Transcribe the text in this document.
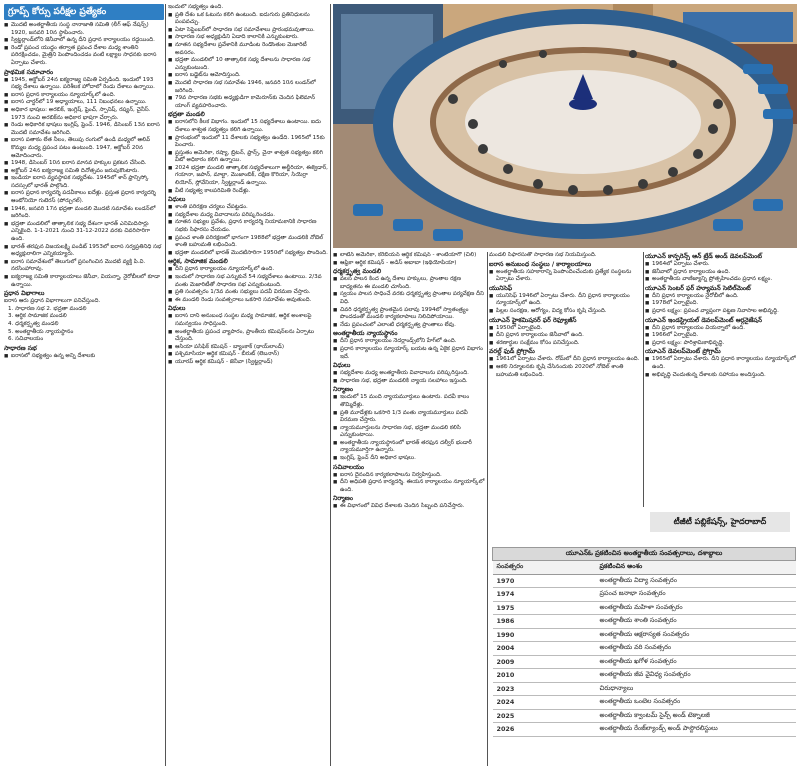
గ్రూప్స్ కోర్సు పరీక్షల ప్రత్యేకం
■ మొదటి అంతర్జాతీయ సంస్థ నానాజాతి సమితి (లీగ్ ఆఫ్ నేషన్స్) 1920, జనవరి 10న స్థాపించారు.
■ స్విట్జర్లాండ్‌లోని జెనీవాలో ఉన్న దీని ప్రధాన కార్యాలయం రద్దయింది.
■ రెండో ప్రపంచ యుద్ధం తర్వాత ప్రపంచ దేశాల మధ్య శాంతిని పరిరక్షించడం, మైత్రిని పెంపొందించడం వంటి లక్ష్యాల సాధనకు ఐరాస ఏర్పాటు చేశారు.
ప్రాథమిక సమాచారం
■ 1945, అక్టోబర్ 24న ఐక్యరాజ్య సమితి ఏర్పడింది. ఇందులో 193 సభ్య దేశాలు ఉన్నాయి. పరిశీలక హోదాలో రెండు దేశాలు ఉన్నాయి.
■ ఐరాస ప్రధాన కార్యాలయం న్యూయార్క్‌లో ఉంది.
■ ఐరాస చార్టర్‌లో 19 అధ్యాయాలు, 111 నిబంధనలు ఉన్నాయి.
■ అధికార భాషలు: అరబిక్, ఇంగ్లిష్, ఫ్రెంచ్, స్పానిష్, రష్యన్, చైనీస్. 1973 నుంచి అరబిక్‌ను అధికార భాషగా చేర్చారు.
■ రెండు అధికారిక భాషలు ఇంగ్లిష్, ఫ్రెంచ్. 1946, డిసెంబర్ 13న ఐరాస మొదటి సమావేశం జరిగింది.
■ ఐరాస పతాకం లేత నీలం, తెలుపు రంగులో ఉండి మధ్యలో ఆలివ్ కొమ్మల మధ్య ప్రపంచ పటం ఉంటుంది. 1947, అక్టోబర్ 20న ఆమోదించారు.
■ 1948, డిసెంబర్ 10న ఐరాస మానవ హక్కుల ప్రకటన చేసింది.
■ అక్టోబర్ 24న ఐక్యరాజ్య సమితి దినోత్సవం జరుపుకొంటారు.
■ ఇండియా ఐరాస వ్యవస్థాపక సభ్యదేశం. 1945లో శాన్ ఫ్రాన్సిస్కో సదస్సులో భారత్ పాల్గొంది.
■ ఐరాస ప్రధాన కార్యదర్శి పదవీకాలం ఐదేళ్లు. ప్రస్తుత ప్రధాన కార్యదర్శి ఆంటోనియో గుటెరస్ (పోర్చుగల్).
■ 1946, జనవరి 17న భద్రతా మండలి మొదటి సమావేశం లండన్‌లో జరిగింది.
■ భద్రతా మండలిలో తాత్కాలిక సభ్య దేశంగా భారత్ ఎనిమిదిసార్లు ఎన్నికైంది. 1-1-2021 నుంచి 31-12-2022 వరకు చివరిసారిగా ఉంది.
■ భారత్ తరఫున విజయలక్ష్మి పండిట్ 1953లో ఐరాస సర్వప్రతినిధి సభ అధ్యక్షురాలిగా ఎన్నికయ్యారు.
■ ఐరాస సమావేశంలో తెలుగులో ప్రసంగించిన మొదటి వ్యక్తి పి.వి. నరసింహారావు.
■ ఐక్యరాజ్య సమితి కార్యాలయాలు జెనీవా, వియన్నా, నైరోబీలలో కూడా ఉన్నాయి.
ప్రధాన విభాగాలు
ఐరాస ఆరు ప్రధాన విభాగాలుగా పనిచేస్తుంది.
1. సాధారణ సభ 2. భద్రతా మండలి
3. ఆర్థిక సామాజిక మండలి
4. ధర్మకర్తృత్వ మండలి
5. అంతర్జాతీయ న్యాయస్థానం
6. సచివాలయం
సాధారణ సభ
■ ఐరాసలో సభ్యత్వం ఉన్న అన్ని దేశాలకు
ఇందులో సభ్యత్వం ఉంది.
■ ప్రతి దేశం ఒక ఓటును కలిగి ఉంటుంది. ఐదుగురు ప్రతినిధులను పంపవచ్చు.
■ ఏటా సెప్టెంబర్‌లో సాధారణ సభ సమావేశాలు ప్రారంభమవుతాయి.
■ సాధారణ సభ అధ్యక్షుడిని ఏడాది కాలానికి ఎన్నుకుంటారు.
■ నూతన సభ్యదేశాల ప్రవేశానికి మూడింట రెండొంతుల మెజారిటీ అవసరం.
■ భద్రతా మండలిలో 10 తాత్కాలిక సభ్య దేశాలను సాధారణ సభ ఎన్నుకుంటుంది.
■ ఐరాస బడ్జెట్‌ను ఆమోదిస్తుంది.
■ మొదటి సాధారణ సభ సమావేశం 1946, జనవరి 10న లండన్‌లో జరిగింది.
■ 79వ సాధారణ సభకు అధ్యక్షుడిగా కామెరూన్‌కు చెందిన ఫిలెమాన్ యాంగ్ వ్యవహరించారు.
భద్రతా మండలి
■ ఐరాసలోని కీలక విభాగం. ఇందులో 15 సభ్యదేశాలు ఉంటాయి. ఐదు దేశాలు శాశ్వత సభ్యత్వం కలిగి ఉన్నాయి.
■ ప్రారంభంలో ఇందులో 11 దేశాలకు సభ్యత్వం ఉండేది. 1965లో 15కు పెంచారు.
■ ప్రస్తుతం అమెరికా, రష్యా, బ్రిటన్, ఫ్రాన్స్, చైనా శాశ్వత సభ్యత్వం కలిగి వీటో అధికారం కలిగి ఉన్నాయి.
■ 2024 భద్రతా మండలి తాత్కాలిక సభ్యదేశాలుగా అల్జీరియా, ఈక్వెడార్, గయానా, జపాన్, మాల్టా, మొజాంబిక్, దక్షిణ కొరియా, సియెర్రా లియోన్, స్లోవేనియా, స్విట్జర్లాండ్ ఉన్నాయి.
■ వీటి సభ్యత్వ కాలపరిమితి రెండేళ్లు.
విధులు
■ శాంతి పరిరక్షణ చర్యలు చేపట్టడం.
■ సభ్యదేశాల మధ్య వివాదాలను పరిష్కరించడం.
■ నూతన సభ్యుల ప్రవేశం, ప్రధాన కార్యదర్శి నియామకానికి సాధారణ సభకు సిఫారసు చేయడం.
■ ప్రపంచ శాంతి పరిరక్షణలో భాగంగా 1988లో భద్రతా మండలికి నోబెల్ శాంతి బహుమతి లభించింది.
■ భద్రతా మండలిలో భారత్ మొదటిసారిగా 1950లో సభ్యత్వం పొందింది.
ఆర్థిక, సామాజిక మండలి
■ దీని ప్రధాన కార్యాలయం న్యూయార్క్‌లో ఉంది.
■ ఇందులో సాధారణ సభ ఎన్నుకునే 54 సభ్యదేశాలు ఉంటాయి. 2/3వ వంతు మెజారిటీతో సాధారణ సభ ఎన్నుకుంటుంది.
■ ప్రతి సంవత్సరం 1/3వ వంతు సభ్యులు పదవీ విరమణ చేస్తారు.
■ ఈ మండలి రెండు సంవత్సరాలు ఒకసారి సమావేశం అవుతుంది.
విధులు
■ ఐరాస దాని అనుబంధ సంస్థల మధ్య సామాజిక, ఆర్థిక అంశాలపై సమన్వయం సాధిస్తుంది.
■ అంతర్జాతీయ ప్రపంచ వ్యాపారం, ప్రాంతీయ కమిషన్‌లను ఏర్పాటు చేస్తుంది.
■ ఆసియా పసిఫిక్ కమిషన్ - బ్యాంకాక్ (థాయ్‌లాండ్)
■ పశ్చిమాసియా ఆర్థిక కమిషన్ - బీరుట్ (లెబనాన్)
■ యూరప్ ఆర్థిక కమిషన్ - జెనీవా (స్విట్జర్లాండ్)
■ లాటిన్ అమెరికా, కరేబియన్ ఆర్థిక కమిషన్ - శాంటియాగో (చిలీ)
■ ఆఫ్రికా ఆర్థిక కమిషన్ - అడిస్ అబాబా (ఇథియోపియా)
ధర్మకర్తృత్వ మండలి
■ వలస పాలన కింద ఉన్న దేశాల హక్కులు, ప్రాంతాల రక్షణ బాధ్యతను ఈ మండలి చూసింది.
■ స్వయం పాలన సాధించే వరకు ధర్మకర్తృత్వ ప్రాంతాల పర్యవేక్షణ దీని విధి.
■ చివరి ధర్మకర్తృత్వ ప్రాంతమైన పలావు 1994లో స్వాతంత్ర్యం పొందడంతో మండలి కార్యకలాపాలు నిలిచిపోయాయి.
■ నేడు ప్రపంచంలో ఎలాంటి ధర్మకర్తృత్వ ప్రాంతాలు లేవు.
అంతర్జాతీయ న్యాయస్థానం
■ దీని ప్రధాన కార్యాలయం నెదర్లాండ్స్‌లోని హేగ్‌లో ఉంది.
■ ప్రధాన కార్యాలయం న్యూయార్క్ బయట ఉన్న ఏకైక ప్రధాన విభాగం ఇదే.
విధులు
■ సభ్యదేశాల మధ్య అంతర్జాతీయ వివాదాలను పరిష్కరిస్తుంది.
■ సాధారణ సభ, భద్రతా మండలికి న్యాయ సలహాలు ఇస్తుంది.
నిర్మాణం
■ ఇందులో 15 మంది న్యాయమూర్తులు ఉంటారు. పదవీ కాలం తొమ్మిదేళ్లు.
■ ప్రతి మూడేళ్లకు ఒకసారి 1/3 వంతు న్యాయమూర్తులు పదవీ విరమణ చేస్తారు.
■ న్యాయమూర్తులను సాధారణ సభ, భద్రతా మండలి కలిసి ఎన్నుకుంటాయి.
■ అంతర్జాతీయ న్యాయస్థానంలో భారత్ తరఫున దల్వీర్ భండారీ న్యాయమూర్తిగా ఉన్నారు.
■ ఇంగ్లిష్, ఫ్రెంచ్ దీని అధికార భాషలు.
సచివాలయం
■ ఐరాస దైనందిన కార్యకలాపాలను నిర్వహిస్తుంది.
■ దీని అధిపతి ప్రధాన కార్యదర్శి. ఈయన కార్యాలయం న్యూయార్క్‌లో ఉంది.
నిర్మాణం
■ ఈ విభాగంలో వివిధ దేశాలకు చెందిన సిబ్బంది పనిచేస్తారు.
మండలి సిఫారసుతో సాధారణ సభ నియమిస్తుంది.
ఐరాస అనుబంధ సంస్థలు / కార్యాలయాలు
■ అంతర్జాతీయ సహకారాన్ని పెంపొందించేందుకు ప్రత్యేక సంస్థలను ఏర్పాటు చేశారు.
యునిసెఫ్
■ యునిసెఫ్ 1946లో ఏర్పాటు చేశారు. దీని ప్రధాన కార్యాలయం న్యూయార్క్‌లో ఉంది.
■ పిల్లల సంరక్షణ, ఆరోగ్యం, విద్య కోసం కృషి చేస్తుంది.
యూఎన్ హైకమిషనర్ ఫర్ రెఫ్యూజీస్
■ 1950లో ఏర్పాటైంది.
■ దీని ప్రధాన కార్యాలయం జెనీవాలో ఉంది.
■ శరణార్థుల సంక్షేమం కోసం పనిచేస్తుంది.
వరల్డ్ ఫుడ్ ప్రోగ్రామ్
■ 1961లో ఏర్పాటు చేశారు. రోమ్‌లో దీని ప్రధాన కార్యాలయం ఉంది.
■ ఆకలి నిర్మూలనకు కృషి చేసినందుకు 2020లో నోబెల్ శాంతి బహుమతి లభించింది.
యూఎన్ కాన్ఫరెన్స్ ఆన్ ట్రేడ్ అండ్ డెవలప్‌మెంట్
■ 1964లో ఏర్పాటు చేశారు.
■ జెనీవాలో ప్రధాన కార్యాలయం ఉంది.
■ అంతర్జాతీయ వాణిజ్యాన్ని ప్రోత్సహించడం ప్రధాన లక్ష్యం.
యూఎన్ సెంటర్ ఫర్ హ్యూమన్ సెటిల్‌మెంట్
■ దీని ప్రధాన కార్యాలయం నైరోబీలో ఉంది.
■ 1978లో ఏర్పాటైంది.
■ ప్రధాన లక్ష్యం: ప్రపంచ వ్యాప్తంగా పట్టణ నివాసాల అభివృద్ధి.
యూఎన్ ఇండస్ట్రియల్ డెవలప్‌మెంట్ ఆర్గనైజేషన్
■ దీని ప్రధాన కార్యాలయం వియన్నాలో ఉంది.
■ 1966లో ఏర్పాటైంది.
■ ప్రధాన లక్ష్యం: పారిశ్రామికాభివృద్ధి.
యూఎన్ డెవలప్‌మెంట్ ప్రోగ్రామ్
■ 1965లో ఏర్పాటు చేశారు. దీని ప్రధాన కార్యాలయం న్యూయార్క్‌లో ఉంది.
■ అభివృద్ధి చెందుతున్న దేశాలకు సహాయం అందిస్తుంది.
టీజీటీ పబ్లికేషన్స్, హైదరాబాద్
యూఎన్‌ఓ ప్రకటించిన అంతర్జాతీయ సంవత్సరాలు, దశాబ్దాలు	
సంవత్సరం	ప్రకటించిన అంశం
1970	అంతర్జాతీయ విద్యా సంవత్సరం
1974	ప్రపంచ జనాభా సంవత్సరం
1975	అంతర్జాతీయ మహిళా సంవత్సరం
1986	అంతర్జాతీయ శాంతి సంవత్సరం
1990	అంతర్జాతీయ అక్షరాస్యత సంవత్సరం
2004	అంతర్జాతీయ వరి సంవత్సరం
2009	అంతర్జాతీయ ఖగోళ సంవత్సరం
2010	అంతర్జాతీయ జీవ వైవిధ్య సంవత్సరం
2023	చిరుధాన్యాలు
2024	అంతర్జాతీయ ఒంటెల సంవత్సరం
2025	అంతర్జాతీయ క్వాంటమ్ సైన్స్ అండ్ టెక్నాలజీ
2026	అంతర్జాతీయ రేంజ్‌ల్యాండ్స్ అండ్ పాస్టొరలిస్టులు
